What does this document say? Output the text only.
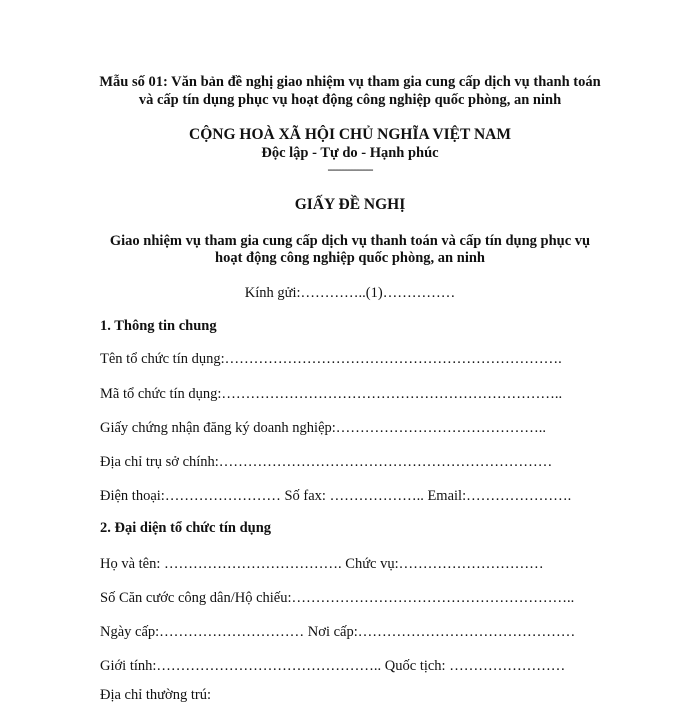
Mẫu số 01: Văn bản đề nghị giao nhiệm vụ tham gia cung cấp dịch vụ thanh toán
và cấp tín dụng phục vụ hoạt động công nghiệp quốc phòng, an ninh
CỘNG HOÀ XÃ HỘI CHỦ NGHĨA VIỆT NAM
Độc lập - Tự do - Hạnh phúc
---------------
GIẤY ĐỀ NGHỊ
Giao nhiệm vụ tham gia cung cấp dịch vụ thanh toán và cấp tín dụng phục vụ
hoạt động công nghiệp quốc phòng, an ninh
Kính gửi:…………..(1)……………
1. Thông tin chung
Tên tổ chức tín dụng:…………………………………………………………….
Mã tổ chức tín dụng:……………………………………………………………..
Giấy chứng nhận đăng ký doanh nghiệp:……………………………………..
Địa chỉ trụ sở chính:……………………………………………………………
Điện thoại:…………………… Số fax: ……………….. Email:………………….
2. Đại diện tổ chức tín dụng
Họ và tên: ………………………………. Chức vụ:…………………………
Số Căn cước công dân/Hộ chiếu:…………………………………………………..
Ngày cấp:………………………… Nơi cấp:………………………………………
Giới tính:……………………………………….. Quốc tịch: ……………………
Địa chỉ thường trú:
